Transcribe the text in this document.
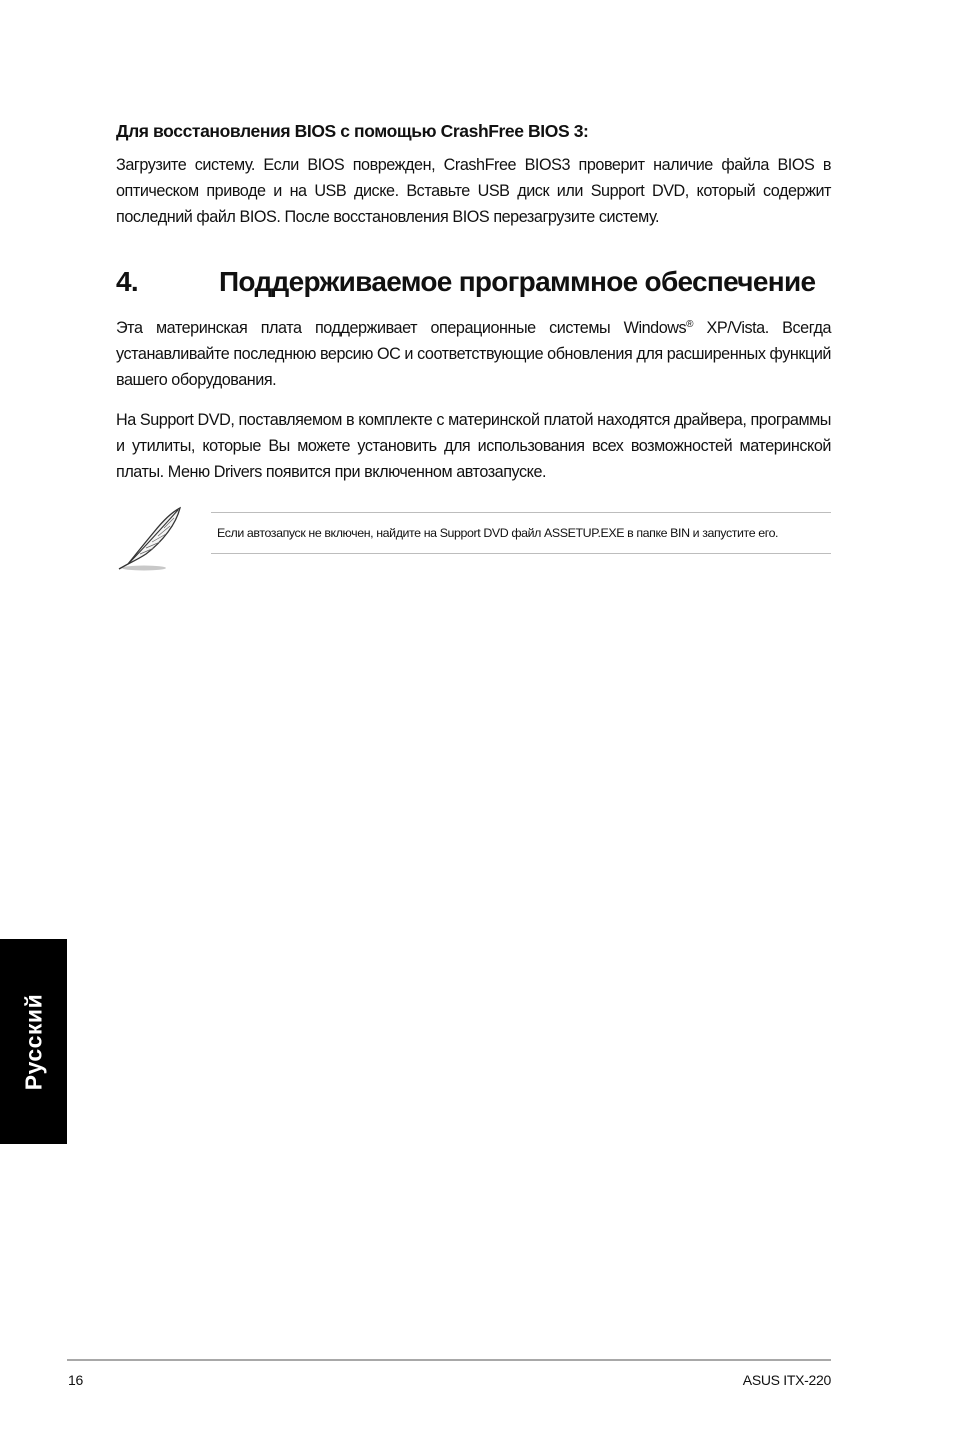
Для восстановления BIOS с помощью CrashFree BIOS 3:

Загрузите систему. Если BIOS поврежден, CrashFree BIOS3 проверит наличие файла BIOS в оптическом приводе и на USB диске. Вставьте USB диск или Support DVD, который содержит последний файл BIOS. После восстановления BIOS перезагрузите систему.

4.	Поддерживаемое программное обеспечение

Эта материнская плата поддерживает операционные системы Windows® XP/Vista. Всегда устанавливайте последнюю версию ОС и соответствующие обновления для расширенных функций вашего оборудования.

На Support DVD, поставляемом в комплекте с материнской платой находятся драйвера, программы и утилиты, которые Вы можете установить для использования всех возможностей материнской платы. Меню Drivers появится при включенном автозапуске.

Если автозапуск не включен, найдите на Support DVD файл ASSETUP.EXE в папке BIN и запустите его.

Русский
16	ASUS ITX-220
